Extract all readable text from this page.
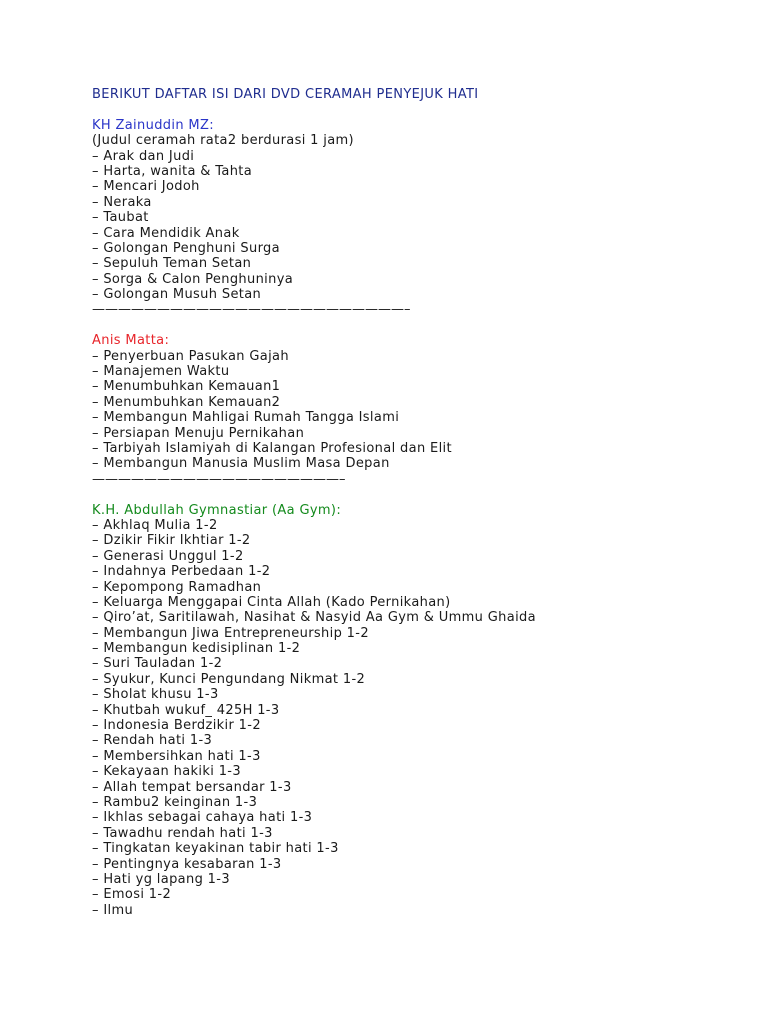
BERIKUT DAFTAR ISI DARI DVD CERAMAH PENYEJUK HATI

KH Zainuddin MZ:

(Judul ceramah rata2 berdurasi 1 jam)

– Arak dan Judi
– Harta, wanita & Tahta
– Mencari Jodoh
– Neraka
– Taubat
– Cara Mendidik Anak
– Golongan Penghuni Surga
– Sepuluh Teman Setan
– Sorga & Calon Penghuninya
– Golongan Musuh Setan
————————————————————————–

Anis Matta:

– Penyerbuan Pasukan Gajah
– Manajemen Waktu
– Menumbuhkan Kemauan1
– Menumbuhkan Kemauan2
– Membangun Mahligai Rumah Tangga Islami
– Persiapan Menuju Pernikahan
– Tarbiyah Islamiyah di Kalangan Profesional dan Elit
– Membangun Manusia Muslim Masa Depan
———————————————————–

K.H. Abdullah Gymnastiar (Aa Gym):

– Akhlaq Mulia 1-2
– Dzikir Fikir Ikhtiar 1-2
– Generasi Unggul 1-2
– Indahnya Perbedaan 1-2
– Kepompong Ramadhan
– Keluarga Menggapai Cinta Allah (Kado Pernikahan)
– Qiro’at, Saritilawah, Nasihat & Nasyid Aa Gym & Ummu Ghaida
– Membangun Jiwa Entrepreneurship 1-2
– Membangun kedisiplinan 1-2
– Suri Tauladan 1-2
– Syukur, Kunci Pengundang Nikmat 1-2
– Sholat khusu 1-3
– Khutbah wukuf_ 425H 1-3
– Indonesia Berdzikir 1-2
– Rendah hati 1-3
– Membersihkan hati 1-3
– Kekayaan hakiki 1-3
– Allah tempat bersandar 1-3
– Rambu2 keinginan 1-3
– Ikhlas sebagai cahaya hati 1-3
– Tawadhu rendah hati 1-3
– Tingkatan keyakinan tabir hati 1-3
– Pentingnya kesabaran 1-3
– Hati yg lapang 1-3
– Emosi 1-2
– Ilmu
